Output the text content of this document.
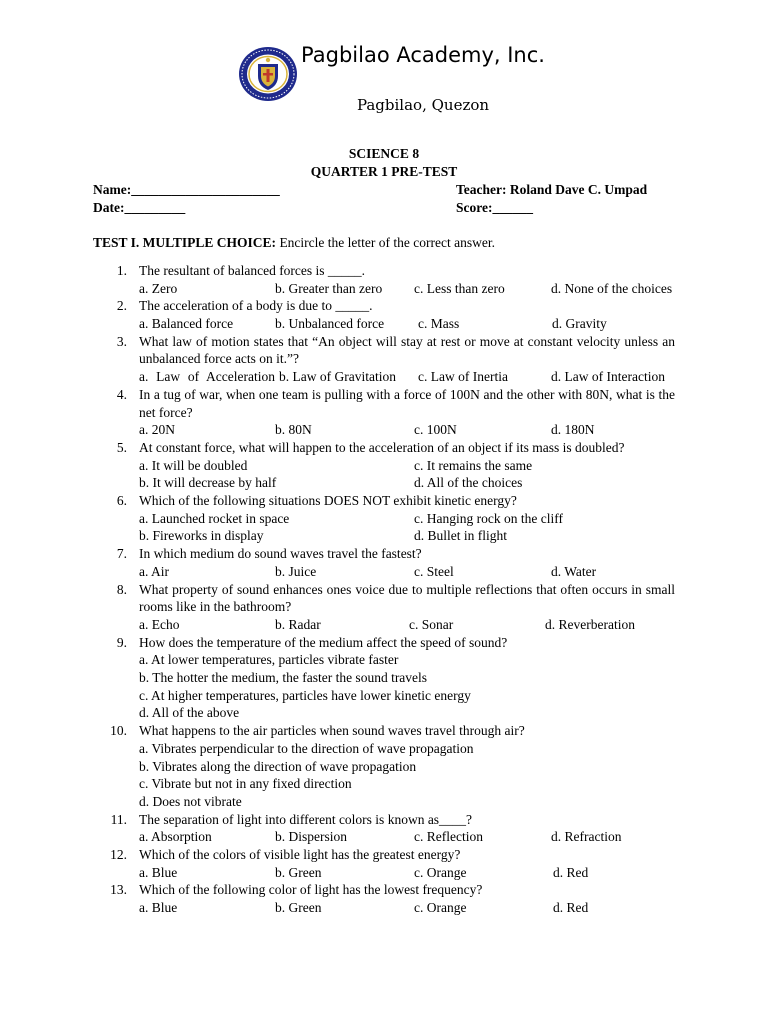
Pagbilao Academy, Inc.
Pagbilao, Quezon
SCIENCE 8
QUARTER 1 PRE-TEST
Name:______________________
Date:_________
Teacher: Roland Dave C. Umpad
Score:______
TEST I. MULTIPLE CHOICE: Encircle the letter of the correct answer.
1. The resultant of balanced forces is _____.
a. Zero	b. Greater than zero c. Less than zero	d. None of the choices
2. The acceleration of a body is due to _____.
a. Balanced force	b. Unbalanced force	c. Mass	d. Gravity
3. What law of motion states that “An object will stay at rest or move at constant velocity unless an unbalanced force acts on it.”?
a. Law of Acceleration b. Law of Gravitation	c. Law of Inertia	d. Law of Interaction
4. In a tug of war, when one team is pulling with a force of 100N and the other with 80N, what is the net force?
a. 20N	b. 80N	c. 100N	d. 180N
5. At constant force, what will happen to the acceleration of an object if its mass is doubled?
a. It will be doubled	c. It remains the same
b. It will decrease by half	d. All of the choices
6. Which of the following situations DOES NOT exhibit kinetic energy?
a. Launched rocket in space	c. Hanging rock on the cliff
b. Fireworks in display	d. Bullet in flight
7. In which medium do sound waves travel the fastest?
a. Air	b. Juice	c. Steel	d. Water
8. What property of sound enhances ones voice due to multiple reflections that often occurs in small rooms like in the bathroom?
a. Echo	b. Radar	c. Sonar	d. Reverberation
9. How does the temperature of the medium affect the speed of sound?
a. At lower temperatures, particles vibrate faster
b. The hotter the medium, the faster the sound travels
c. At higher temperatures, particles have lower kinetic energy
d. All of the above
10. What happens to the air particles when sound waves travel through air?
a. Vibrates perpendicular to the direction of wave propagation
b. Vibrates along the direction of wave propagation
c. Vibrate but not in any fixed direction
d. Does not vibrate
11. The separation of light into different colors is known as____?
a. Absorption	b. Dispersion	c. Reflection	d. Refraction
12. Which of the colors of visible light has the greatest energy?
a. Blue	b. Green	c. Orange	d. Red
13. Which of the following color of light has the lowest frequency?
a. Blue	b. Green	c. Orange	d. Red
